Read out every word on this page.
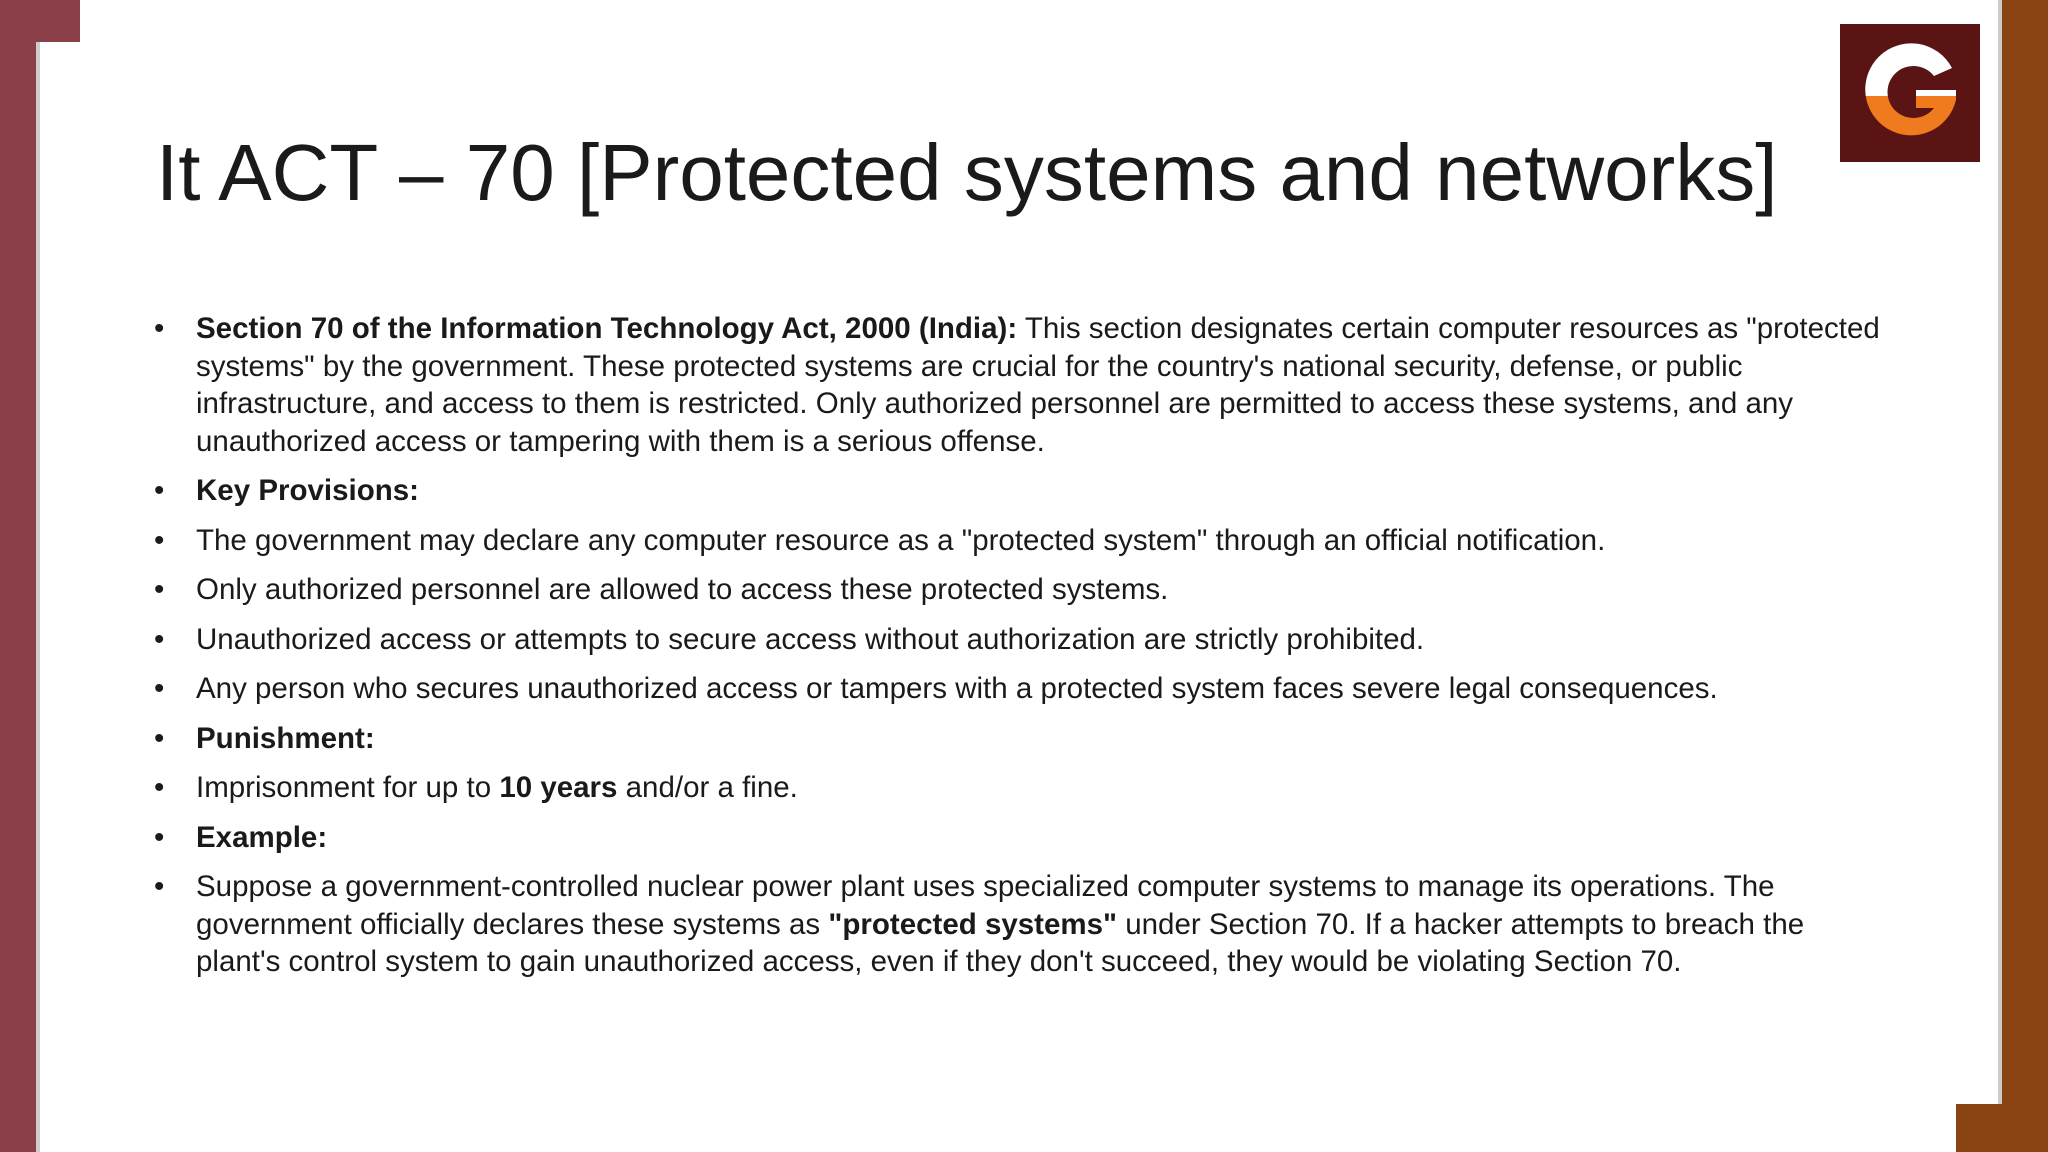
It ACT – 70 [Protected systems and networks]
•	Section 70 of the Information Technology Act, 2000 (India): This section designates certain computer resources as "protected systems" by the government. These protected systems are crucial for the country's national security, defense, or public infrastructure, and access to them is restricted. Only authorized personnel are permitted to access these systems, and any unauthorized access or tampering with them is a serious offense.
•	Key Provisions:
•	The government may declare any computer resource as a "protected system" through an official notification.
•	Only authorized personnel are allowed to access these protected systems.
•	Unauthorized access or attempts to secure access without authorization are strictly prohibited.
•	Any person who secures unauthorized access or tampers with a protected system faces severe legal consequences.
•	Punishment:
•	Imprisonment for up to 10 years and/or a fine.
•	Example:
•	Suppose a government-controlled nuclear power plant uses specialized computer systems to manage its operations. The government officially declares these systems as "protected systems" under Section 70. If a hacker attempts to breach the plant's control system to gain unauthorized access, even if they don't succeed, they would be violating Section 70.
